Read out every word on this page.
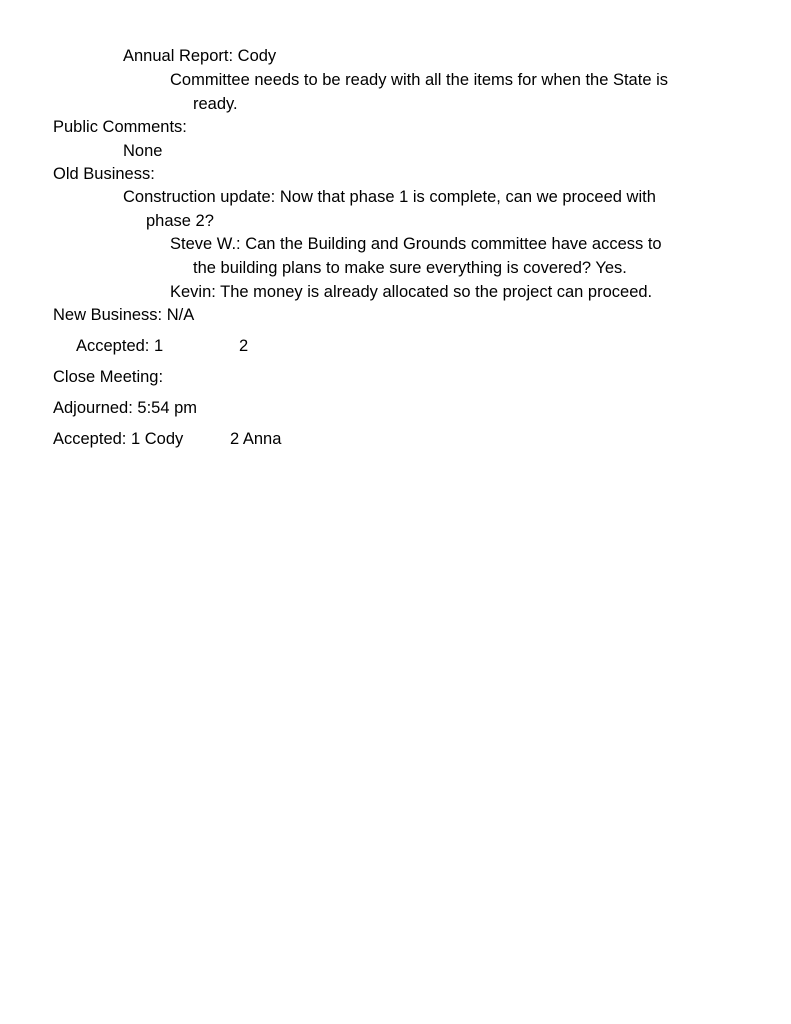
Annual Report: Cody
Committee needs to be ready with all the items for when the State is
ready.
Public Comments:
None
Old Business:
Construction update: Now that phase 1 is complete, can we proceed with
phase 2?
Steve W.: Can the Building and Grounds committee have access to
the building plans to make sure everything is covered? Yes.
Kevin: The money is already allocated so the project can proceed.
New Business: N/A
Accepted: 1	2
Close Meeting:
Adjourned: 5:54 pm
Accepted: 1 Cody	2 Anna
